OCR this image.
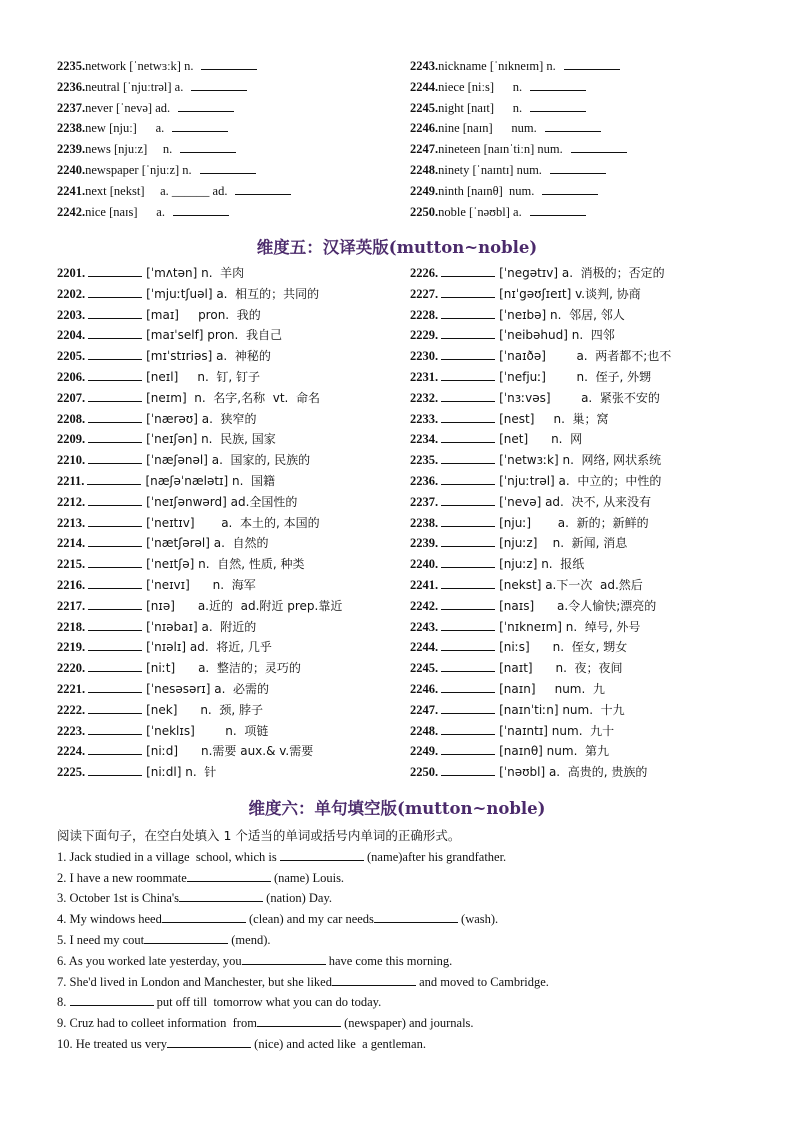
2235.network [ˈnetwɜːk] n.
2236.neutral [ˈnjuːtrəl] a.
2237.never [ˈnevə] ad.
2238.new [njuː]      a.
2239.news [njuːz]     n.
2240.newspaper [ˈnjuːz] n.
2241.next [nekst]     a. ______ ad.
2242.nice [naɪs]      a.
2243.nickname [ˈnɪkneɪm] n.
2244.niece [niːs]      n.
2245.night [naɪt]      n.
2246.nine [naɪn]      num.
2247.nineteen [naɪnˈtiːn] num.
2248.ninety [ˈnaɪntɪ] num.
2249.ninth [naɪnθ]  num.
2250.noble [ˈnəʊbl] a.
维度五：汉译英版(mutton~noble)
2201.	[ˈmʌtən] n.  羊肉
2202.	[ˈmjuːtʃuəl] a.  相互的；共同的
2203.	[maɪ]     pron.  我的
2204.	[maɪˈself] pron.  我自己
2205.	[mɪˈstɪriəs] a.  神秘的
2206.	[neɪl]     n.  钉, 钉子
2207.	[neɪm]  n.  名字,名称  vt.  命名
2208.	[ˈnærəʊ] a.  狭窄的
2209.	[ˈneɪʃən] n.  民族, 国家
2210.	[ˈnæʃənəl] a.  国家的, 民族的
2211.	[næʃəˈnælətɪ] n.  国籍
2212.	[ˈneɪʃənwərd] ad.全国性的
2213.	[ˈneɪtɪv]       a.  本土的, 本国的
2214.	[ˈnætʃərəl] a.  自然的
2215.	[ˈneɪtʃə] n.  自然, 性质, 种类
2216.	[ˈneɪvɪ]      n.  海军
2217.	[nɪə]      a.近的  ad.附近 prep.靠近
2218.	[ˈnɪəbaɪ] a.  附近的
2219.	[ˈnɪəlɪ] ad.  将近, 几乎
2220.	[niːt]      a.  整洁的；灵巧的
2221.	[ˈnesəsərɪ] a.  必需的
2222.	[nek]      n.  颈, 脖子
2223.	[ˈneklɪs]        n.  项链
2224.	[niːd]      n.需要 aux.& v.需要
2225.	[niːdl] n.  针
2226.	[ˈnegətɪv] a.  消极的；否定的
2227.	[nɪˈgəʊʃɪeɪt] v.谈判, 协商
2228.	[ˈneɪbə] n.  邻居, 邻人
2229.	[ˈneibəhud] n.  四邻
2230.	[ˈnaɪðə]        a.  两者都不;也不
2231.	[ˈnefjuː]        n.  侄子, 外甥
2232.	[ˈnɜːvəs]        a.  紧张不安的
2233.	[nest]     n.  巢；窝
2234.	[net]      n.  网
2235.	[ˈnetwɜːk] n.  网络, 网状系统
2236.	[ˈnjuːtrəl] a.  中立的；中性的
2237.	[ˈnevə] ad.  决不, 从来没有
2238.	[njuː]       a.  新的；新鲜的
2239.	[njuːz]    n.  新闻, 消息
2240.	[njuːz] n.  报纸
2241.	[nekst] a.下一次  ad.然后
2242.	[naɪs]      a.令人愉快;漂亮的
2243.	[ˈnɪkneɪm] n.  绰号, 外号
2244.	[niːs]      n.  侄女, 甥女
2245.	[naɪt]      n.  夜；夜间
2246.	[naɪn]     num.  九
2247.	[naɪnˈtiːn] num.  十九
2248.	[ˈnaɪntɪ] num.  九十
2249.	[naɪnθ] num.  第九
2250.	[ˈnəʊbl] a.  高贵的, 贵族的
维度六：单句填空版(mutton~noble)
阅读下面句子，在空白处填入 1 个适当的单词或括号内单词的正确形式。
1. Jack studied in a village  school, which is	(name)after his grandfather.
2. I have a new roommate	(name) Louis.
3. October 1st is China's	(nation) Day.
4. My windows heed	(clean) and my car needs	(wash).
5. I need my cout	(mend).
6. As you worked late yesterday, you	have come this morning.
7. She'd lived in London and Manchester, but she liked	and moved to Cambridge.
8.	put off till  tomorrow what you can do today.
9. Cruz had to colleet information  from	(newspaper) and journals.
10. He treated us very	(nice) and acted like  a gentleman.
